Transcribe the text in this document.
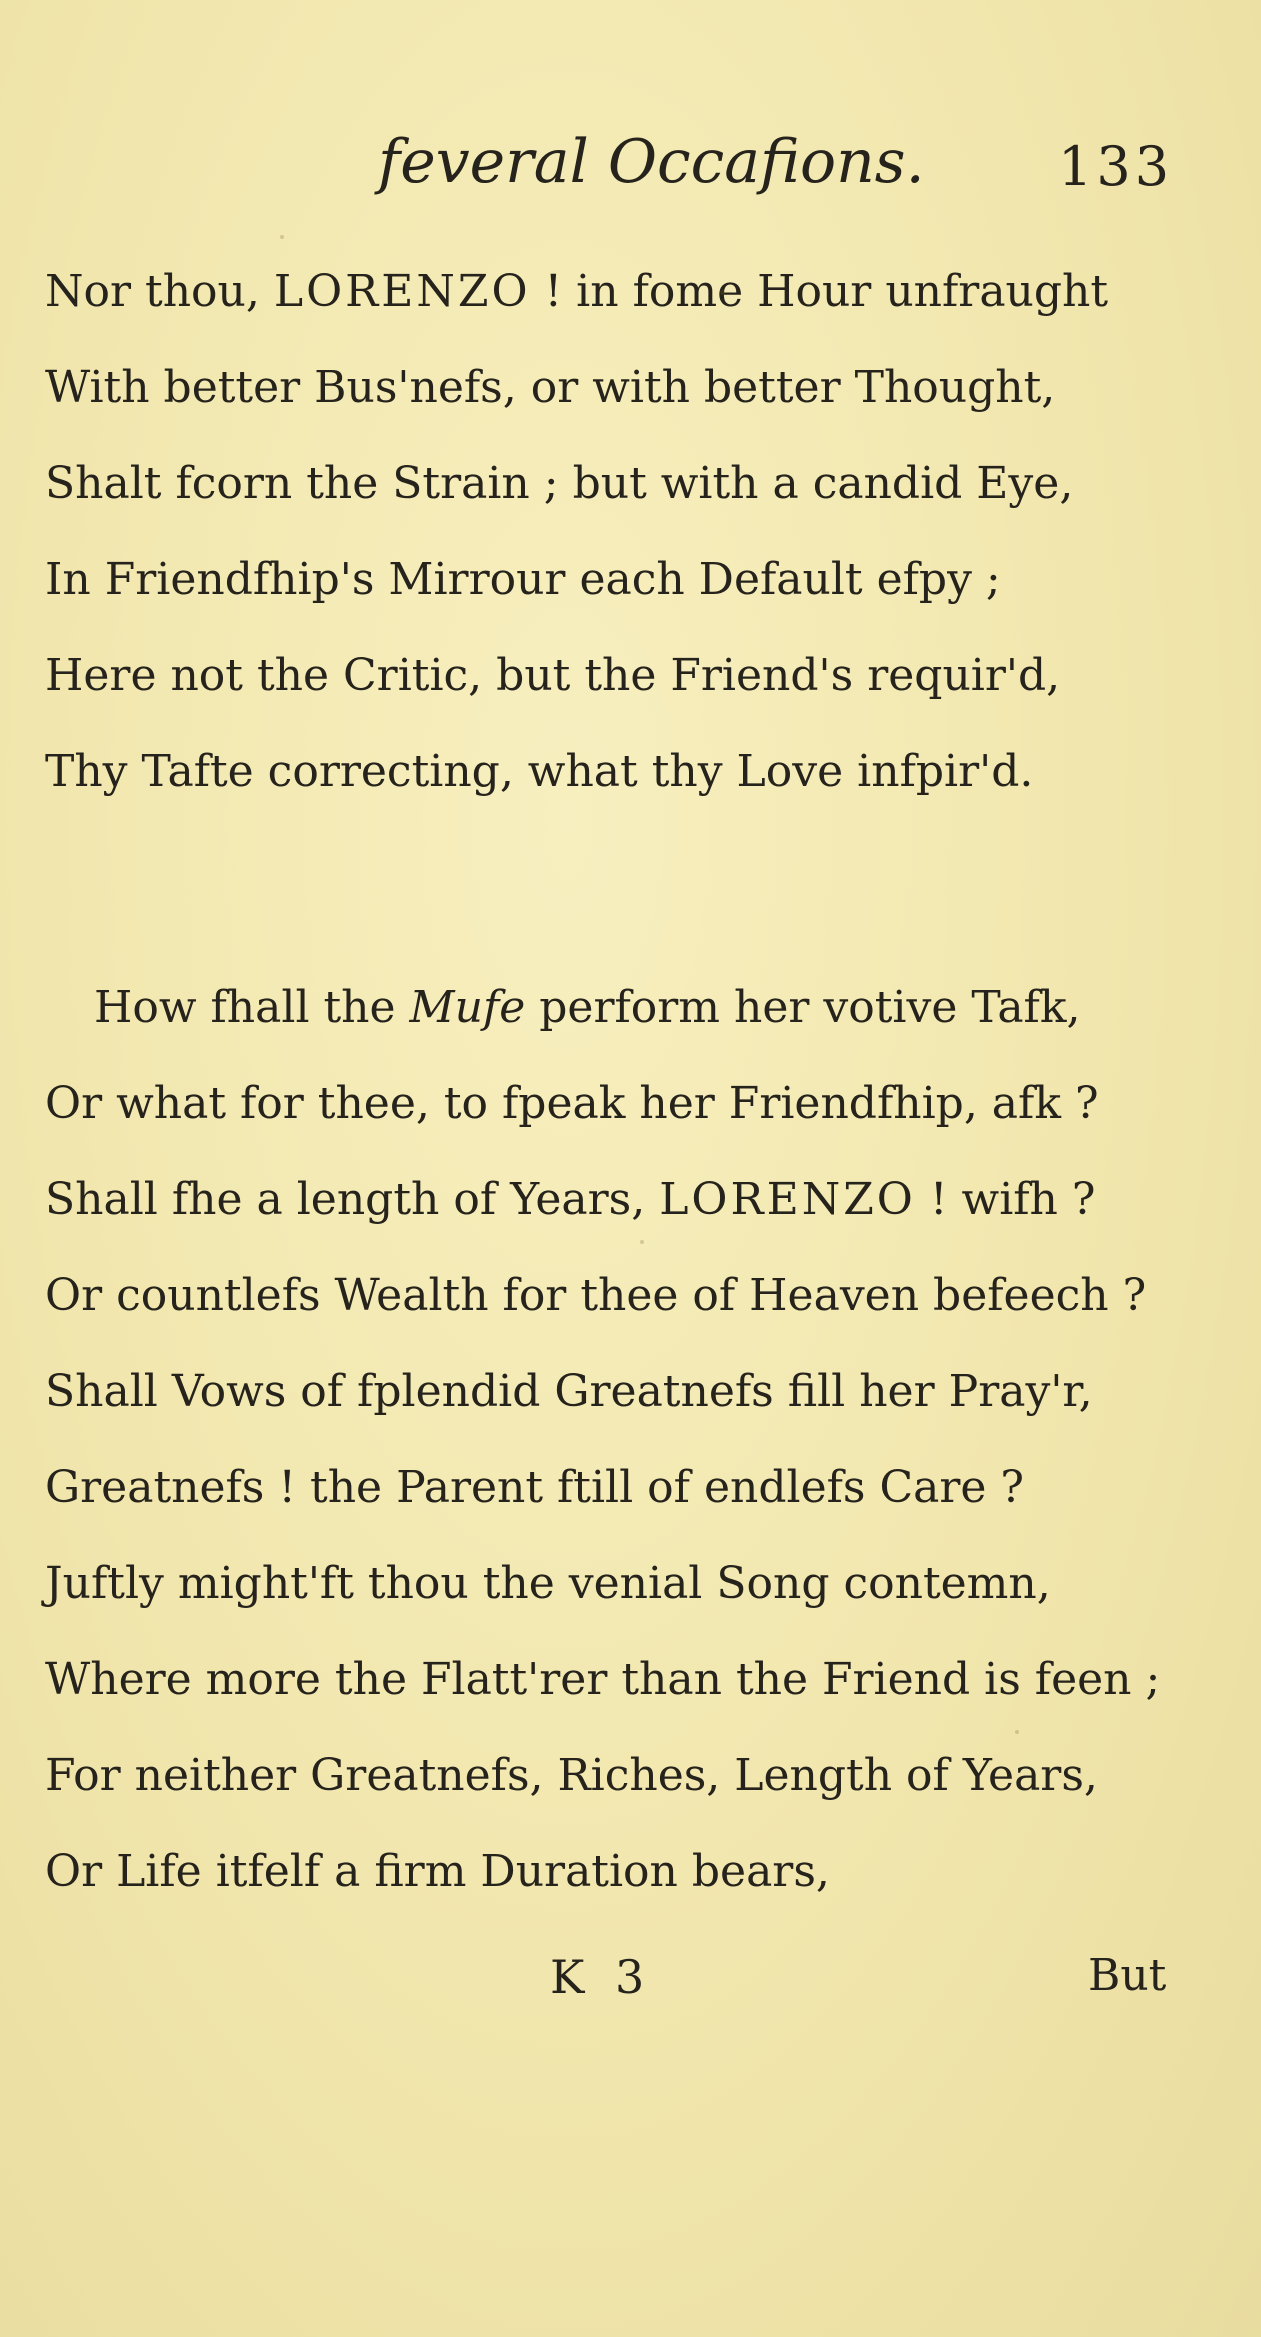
feveral Occafions. 133
Nor thou, LORENZO ! in fome Hour unfraught
With better Bus'nefs, or with better Thought,
Shalt fcorn the Strain ; but with a candid Eye,
In Friendfhip's Mirrour each Default efpy ;
Here not the Critic, but the Friend's requir'd,
Thy Tafte correcting, what thy Love infpir'd.
How fhall the Mufe perform her votive Tafk,
Or what for thee, to fpeak her Friendfhip, afk ?
Shall fhe a length of Years, LORENZO ! wifh ?
Or countlefs Wealth for thee of Heaven befeech ?
Shall Vows of fplendid Greatnefs fill her Pray'r,
Greatnefs ! the Parent ftill of endlefs Care ?
Juftly might'ft thou the venial Song contemn,
Where more the Flatt'rer than the Friend is feen ;
For neither Greatnefs, Riches, Length of Years,
Or Life itfelf a firm Duration bears,
K 3	But
